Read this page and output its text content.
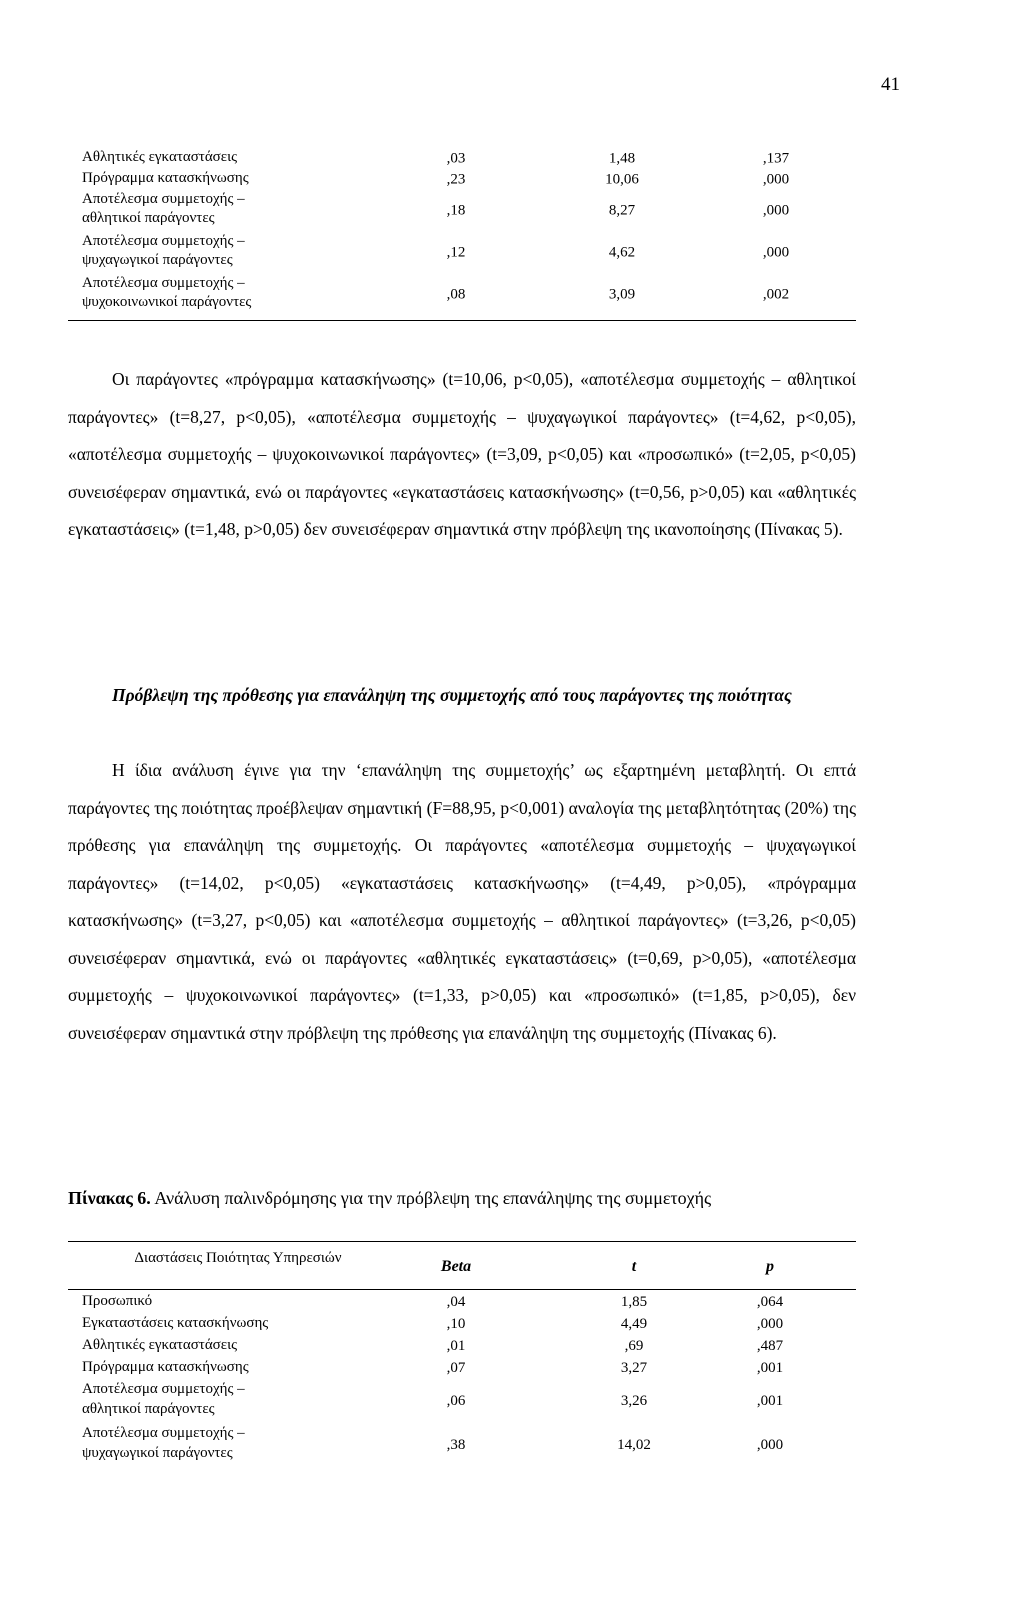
41
Αθλητικές εγκαταστάσεις	,03	1,48	,137
Πρόγραμμα κατασκήνωσης	,23	10,06	,000
Αποτέλεσμα συμμετοχής – αθλητικοί παράγοντες	,18	8,27	,000
Αποτέλεσμα συμμετοχής – ψυχαγωγικοί παράγοντες	,12	4,62	,000
Αποτέλεσμα συμμετοχής – ψυχοκοινωνικοί παράγοντες	,08	3,09	,002
Οι παράγοντες «πρόγραμμα κατασκήνωσης» (t=10,06, p<0,05), «αποτέλεσμα συμμετοχής – αθλητικοί παράγοντες» (t=8,27, p<0,05), «αποτέλεσμα συμμετοχής – ψυχαγωγικοί παράγοντες» (t=4,62, p<0,05), «αποτέλεσμα συμμετοχής – ψυχοκοινωνικοί παράγοντες» (t=3,09, p<0,05) και «προσωπικό» (t=2,05, p<0,05) συνεισέφεραν σημαντικά, ενώ οι παράγοντες «εγκαταστάσεις κατασκήνωσης» (t=0,56, p>0,05) και «αθλητικές εγκαταστάσεις» (t=1,48, p>0,05) δεν συνεισέφεραν σημαντικά στην πρόβλεψη της ικανοποίησης (Πίνακας 5).
Πρόβλεψη της πρόθεσης για επανάληψη της συμμετοχής από τους παράγοντες της ποιότητας
Η ίδια ανάλυση έγινε για την ‘επανάληψη της συμμετοχής’ ως εξαρτημένη μεταβλητή. Οι επτά παράγοντες της ποιότητας προέβλεψαν σημαντική (F=88,95, p<0,001) αναλογία της μεταβλητότητας (20%) της πρόθεσης για επανάληψη της συμμετοχής. Οι παράγοντες «αποτέλεσμα συμμετοχής – ψυχαγωγικοί παράγοντες» (t=14,02, p<0,05) «εγκαταστάσεις κατασκήνωσης» (t=4,49, p>0,05), «πρόγραμμα κατασκήνωσης» (t=3,27, p<0,05) και «αποτέλεσμα συμμετοχής – αθλητικοί παράγοντες» (t=3,26, p<0,05) συνεισέφεραν σημαντικά, ενώ οι παράγοντες «αθλητικές εγκαταστάσεις» (t=0,69, p>0,05), «αποτέλεσμα συμμετοχής – ψυχοκοινωνικοί παράγοντες» (t=1,33, p>0,05) και «προσωπικό» (t=1,85, p>0,05), δεν συνεισέφεραν σημαντικά στην πρόβλεψη της πρόθεσης για επανάληψη της συμμετοχής (Πίνακας 6).
Πίνακας 6. Ανάλυση παλινδρόμησης για την πρόβλεψη της επανάληψης της συμμετοχής
Διαστάσεις Ποιότητας Υπηρεσιών	Beta	t	p
Προσωπικό	,04	1,85	,064
Εγκαταστάσεις κατασκήνωσης	,10	4,49	,000
Αθλητικές εγκαταστάσεις	,01	,69	,487
Πρόγραμμα κατασκήνωσης	,07	3,27	,001
Αποτέλεσμα συμμετοχής – αθλητικοί παράγοντες	,06	3,26	,001
Αποτέλεσμα συμμετοχής – ψυχαγωγικοί παράγοντες	,38	14,02	,000
